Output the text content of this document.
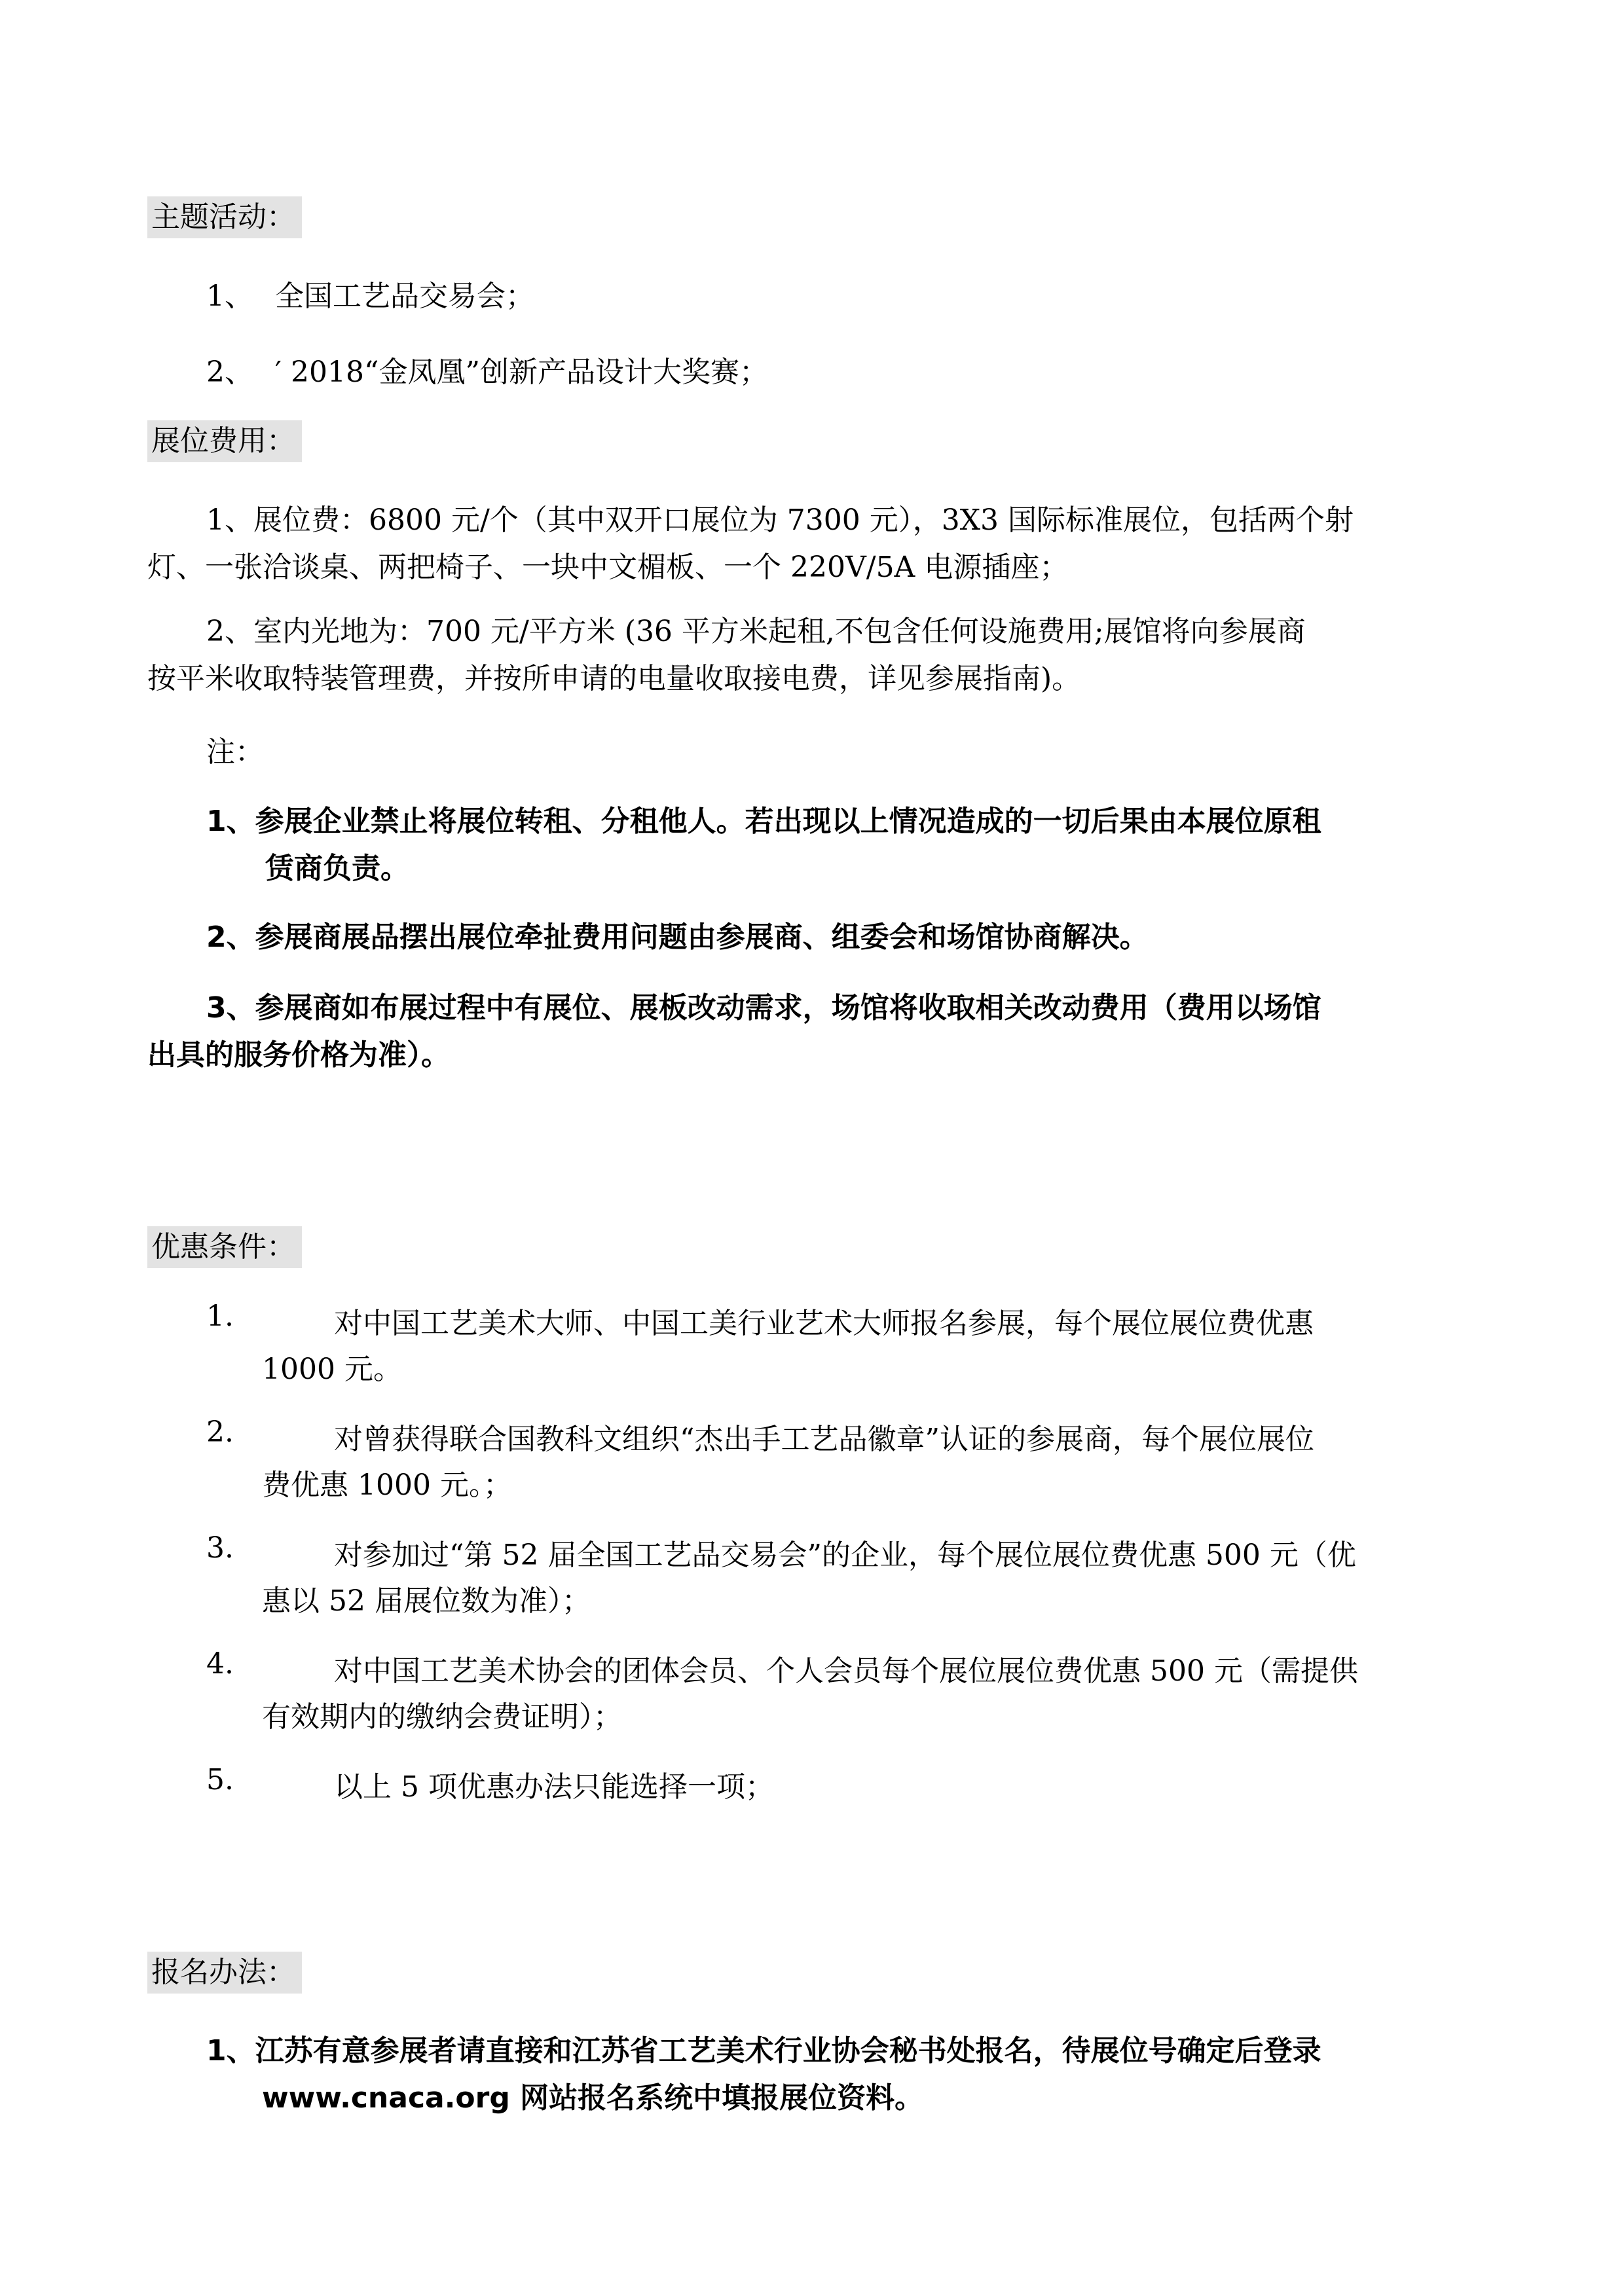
主题活动：
1、 全国工艺品交易会；
2、 ′ 2018“金凤凰”创新产品设计大奖赛；
展位费用：
1、展位费：6800 元/个（其中双开口展位为 7300 元），3X3 国际标准展位，包括两个射
灯、一张洽谈桌、两把椅子、一块中文楣板、一个 220V/5A 电源插座；
2、室内光地为：700 元/平方米 (36 平方米起租,不包含任何设施费用;展馆将向参展商
按平米收取特装管理费，并按所申请的电量收取接电费，详见参展指南)。
注：
1、参展企业禁止将展位转租、分租他人。若出现以上情况造成的一切后果由本展位原租
赁商负责。
2、参展商展品摆出展位牵扯费用问题由参展商、组委会和场馆协商解决。
3、参展商如布展过程中有展位、展板改动需求，场馆将收取相关改动费用（费用以场馆
出具的服务价格为准）。
优惠条件：
1.	对中国工艺美术大师、中国工美行业艺术大师报名参展，每个展位展位费优惠
1000 元。
2.	对曾获得联合国教科文组织“杰出手工艺品徽章”认证的参展商，每个展位展位
费优惠 1000 元。；
3.	对参加过“第 52 届全国工艺品交易会”的企业，每个展位展位费优惠 500 元（优
惠以 52 届展位数为准）；
4.	对中国工艺美术协会的团体会员、个人会员每个展位展位费优惠 500 元（需提供
有效期内的缴纳会费证明）；
5.	以上 5 项优惠办法只能选择一项；
报名办法：
1、江苏有意参展者请直接和江苏省工艺美术行业协会秘书处报名，待展位号确定后登录
www.cnaca.org 网站报名系统中填报展位资料。
